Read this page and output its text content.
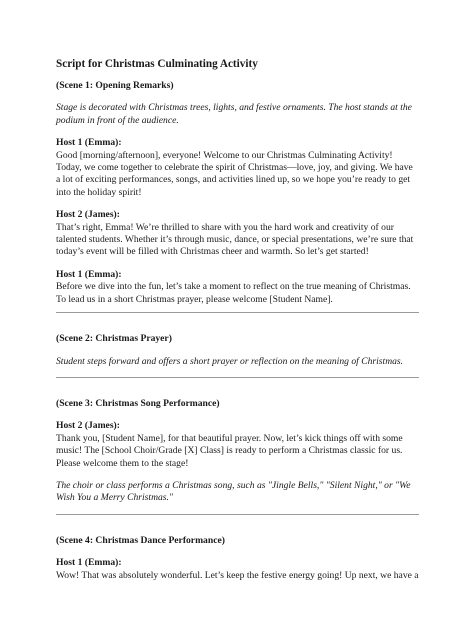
Script for Christmas Culminating Activity

(Scene 1: Opening Remarks)

Stage is decorated with Christmas trees, lights, and festive ornaments. The host stands at the podium in front of the audience.

Host 1 (Emma):

Good [morning/afternoon], everyone! Welcome to our Christmas Culminating Activity! Today, we come together to celebrate the spirit of Christmas—love, joy, and giving. We have a lot of exciting performances, songs, and activities lined up, so we hope you’re ready to get into the holiday spirit!

Host 2 (James):

That’s right, Emma! We’re thrilled to share with you the hard work and creativity of our talented students. Whether it’s through music, dance, or special presentations, we’re sure that today’s event will be filled with Christmas cheer and warmth. So let’s get started!

Host 1 (Emma):

Before we dive into the fun, let’s take a moment to reflect on the true meaning of Christmas. To lead us in a short Christmas prayer, please welcome [Student Name].

(Scene 2: Christmas Prayer)

Student steps forward and offers a short prayer or reflection on the meaning of Christmas.

(Scene 3: Christmas Song Performance)

Host 2 (James):

Thank you, [Student Name], for that beautiful prayer. Now, let’s kick things off with some music! The [School Choir/Grade [X] Class] is ready to perform a Christmas classic for us. Please welcome them to the stage!

The choir or class performs a Christmas song, such as "Jingle Bells," "Silent Night," or "We Wish You a Merry Christmas."

(Scene 4: Christmas Dance Performance)

Host 1 (Emma):

Wow! That was absolutely wonderful. Let’s keep the festive energy going! Up next, we have a
